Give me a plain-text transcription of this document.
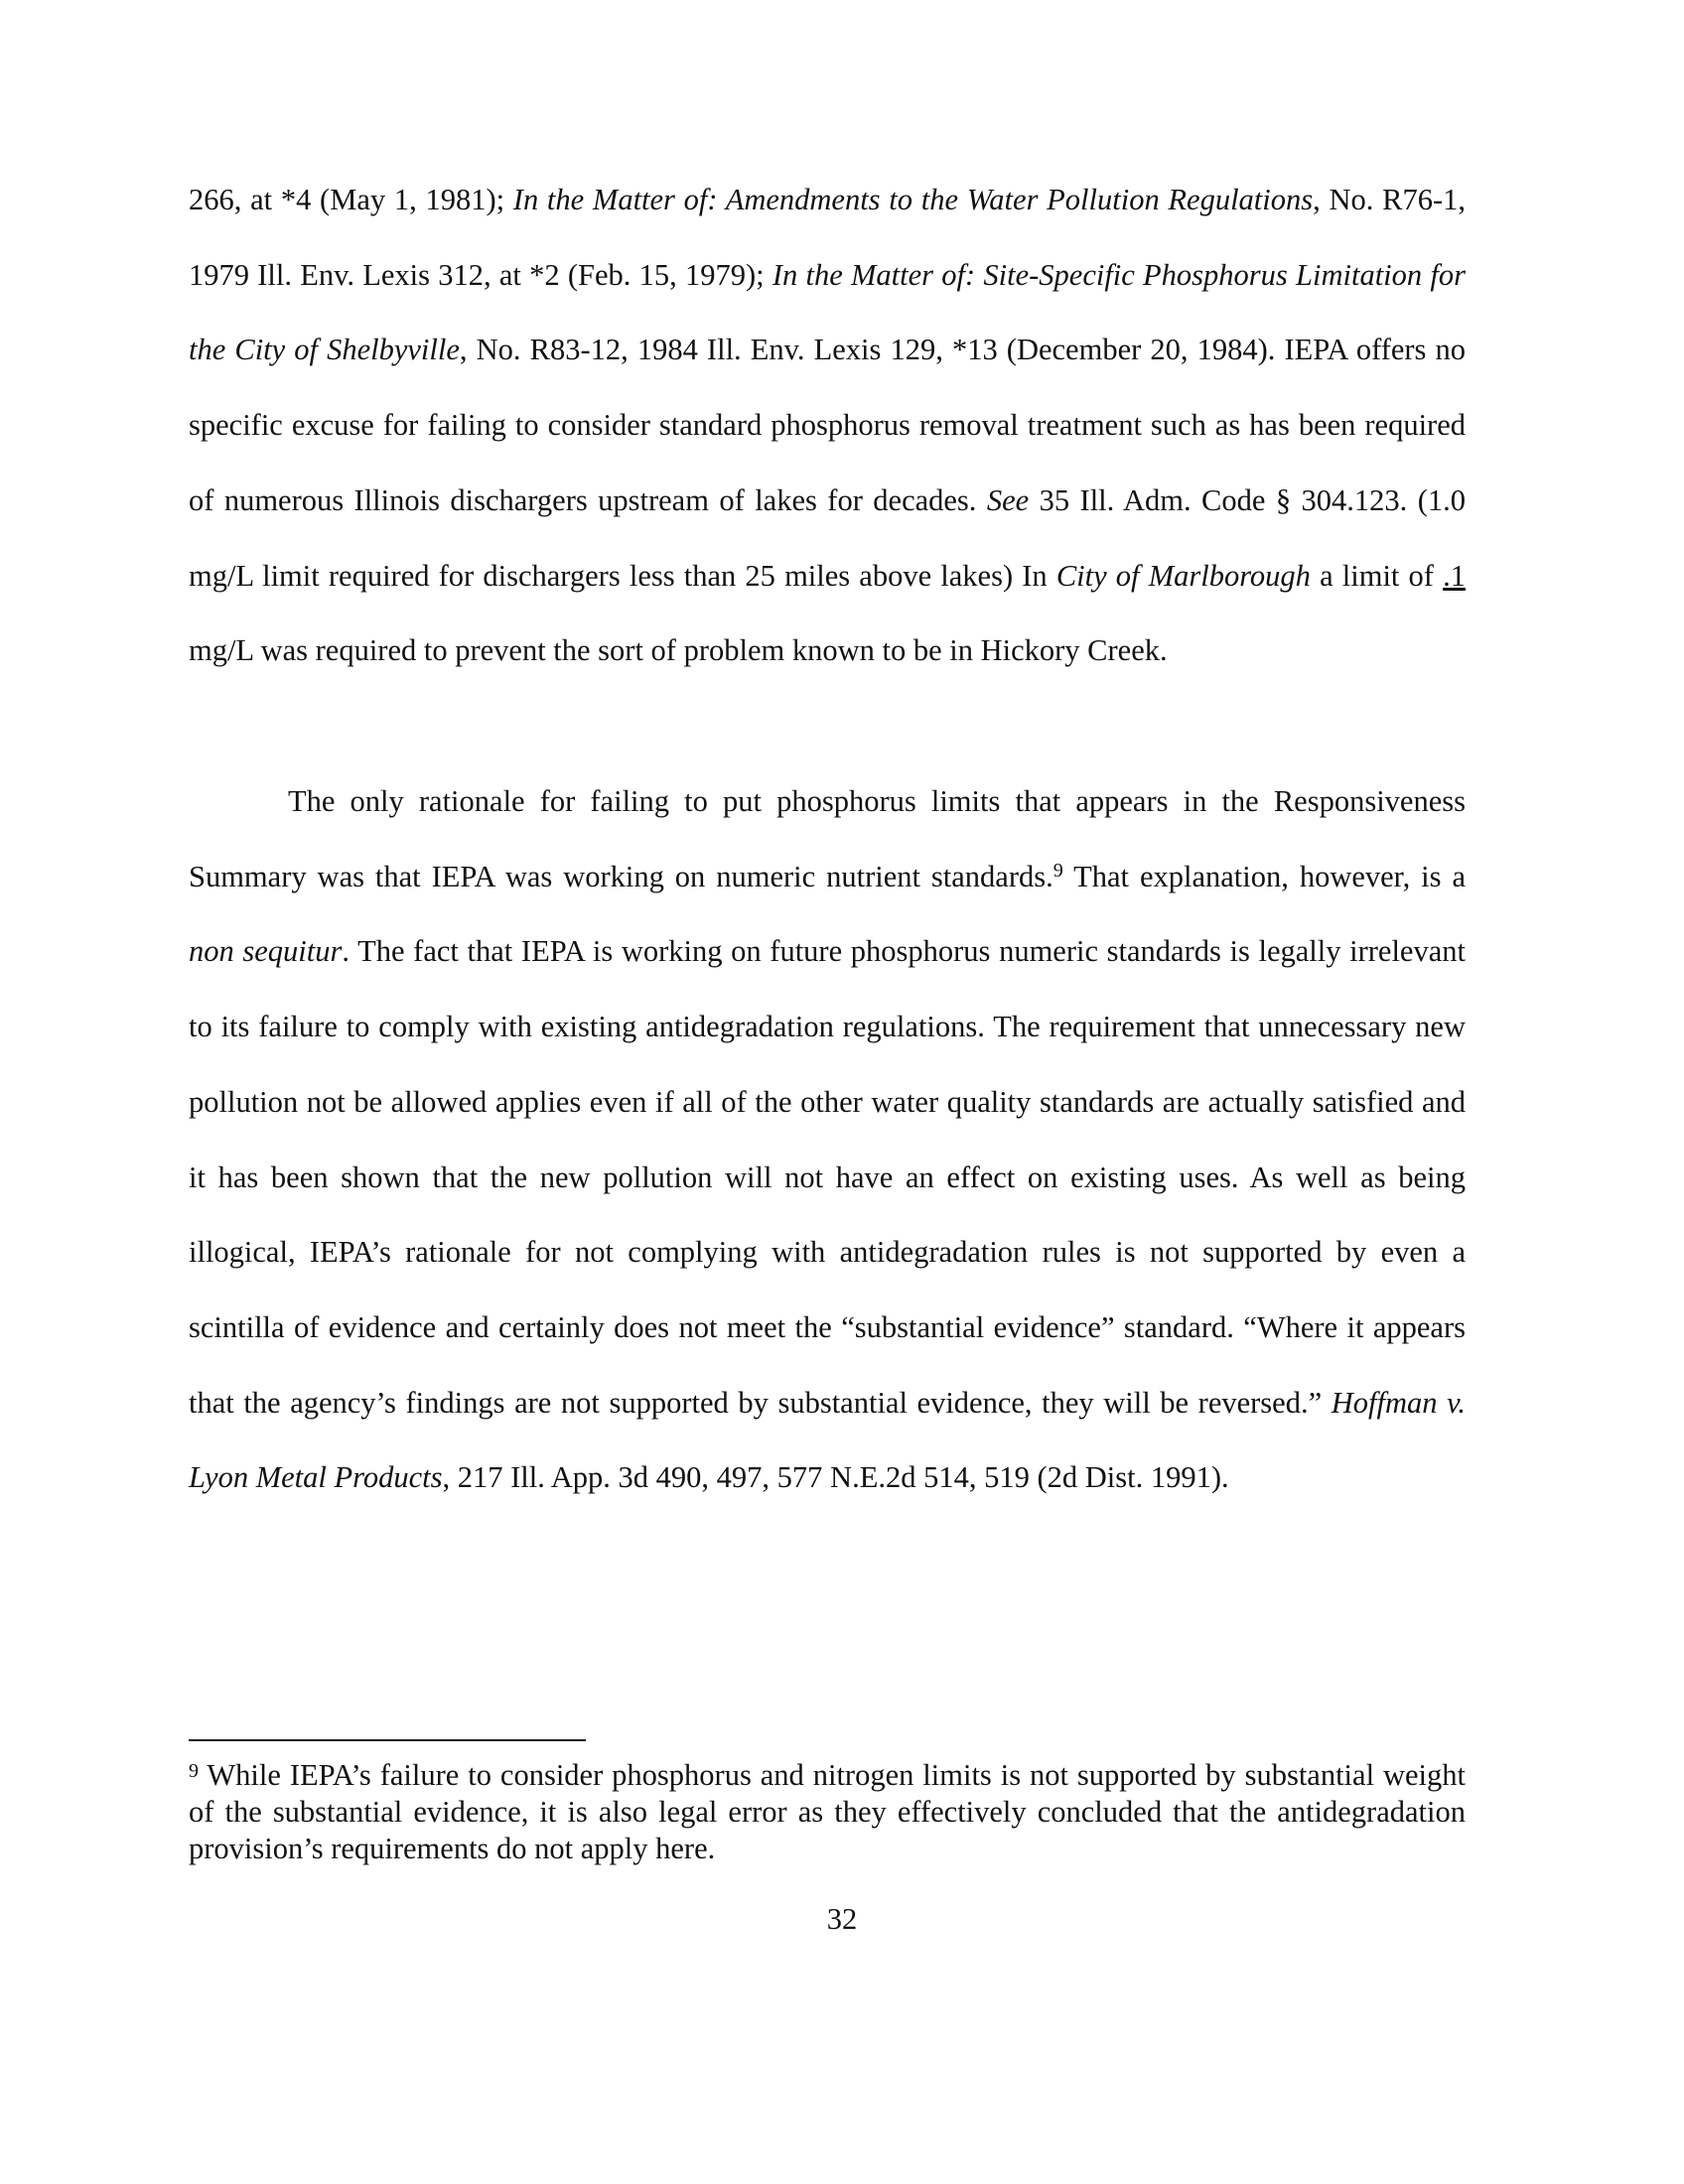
266, at *4 (May 1, 1981); In the Matter of: Amendments to the Water Pollution Regulations, No. R76-1, 1979 Ill. Env. Lexis 312, at *2 (Feb. 15, 1979); In the Matter of: Site-Specific Phosphorus Limitation for the City of Shelbyville, No. R83-12, 1984 Ill. Env. Lexis 129, *13 (December 20, 1984). IEPA offers no specific excuse for failing to consider standard phosphorus removal treatment such as has been required of numerous Illinois dischargers upstream of lakes for decades. See 35 Ill. Adm. Code § 304.123. (1.0 mg/L limit required for dischargers less than 25 miles above lakes) In City of Marlborough a limit of .1 mg/L was required to prevent the sort of problem known to be in Hickory Creek.

The only rationale for failing to put phosphorus limits that appears in the Responsiveness Summary was that IEPA was working on numeric nutrient standards.$^9$ That explanation, however, is a non sequitur. The fact that IEPA is working on future phosphorus numeric standards is legally irrelevant to its failure to comply with existing antidegradation regulations. The requirement that unnecessary new pollution not be allowed applies even if all of the other water quality standards are actually satisfied and it has been shown that the new pollution will not have an effect on existing uses. As well as being illogical, IEPA’s rationale for not complying with antidegradation rules is not supported by even a scintilla of evidence and certainly does not meet the “substantial evidence” standard. “Where it appears that the agency’s findings are not supported by substantial evidence, they will be reversed.” Hoffman v. Lyon Metal Products, 217 Ill. App. 3d 490, 497, 577 N.E.2d 514, 519 (2d Dist. 1991).

$^9$ While IEPA’s failure to consider phosphorus and nitrogen limits is not supported by substantial weight of the substantial evidence, it is also legal error as they effectively concluded that the antidegradation provision’s requirements do not apply here.

32
